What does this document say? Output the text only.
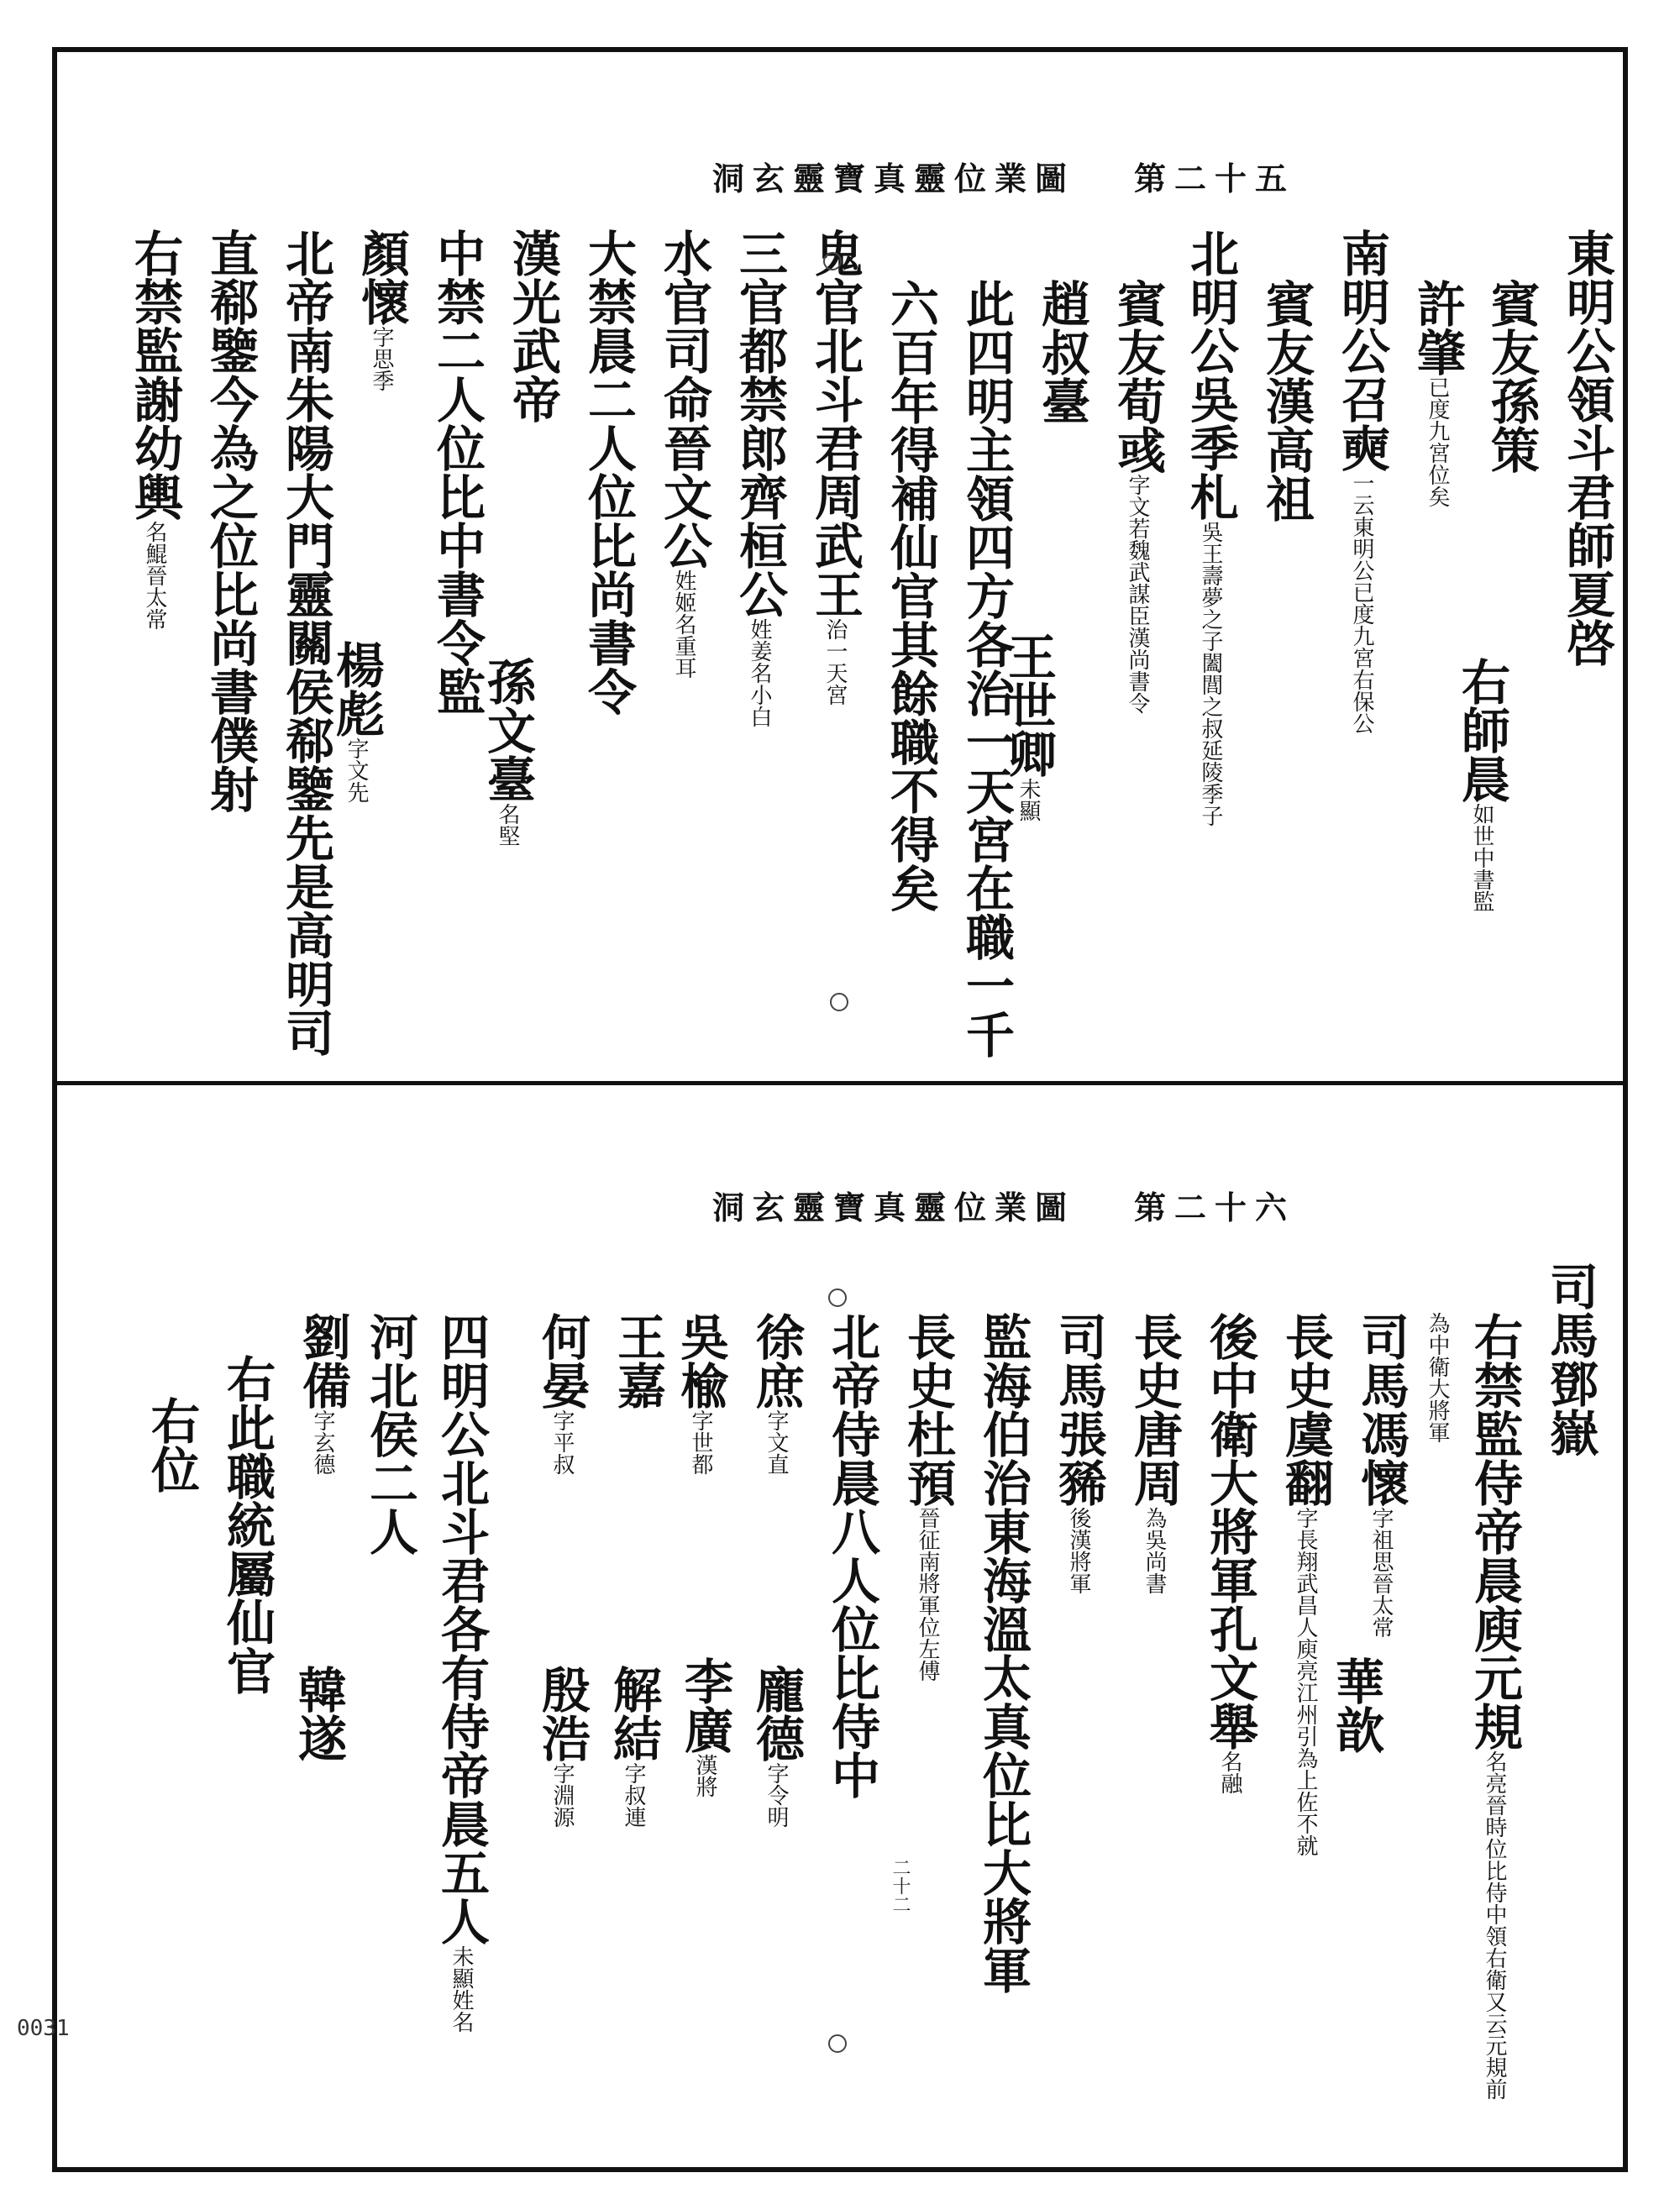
洞玄靈寶真靈位業圖 第二十五
東明公領斗君師夏啓
賓友孫策
許肇已度九宮位矣
南明公召奭一云東明公已度九宮右保公
賓友漢高祖
北明公吳季札吳王壽夢之子闔閭之叔延陵季子
賓友荀彧字文若魏武謀臣漢尚書令
趙叔臺
此四明主領四方各治一天宮在職一千
六百年得補仙官其餘職不得矣
鬼官北斗君周武王治一天宮
三官都禁郎齊桓公姓姜名小白
水官司命晉文公姓姬名重耳
大禁晨二人位比尚書令
漢光武帝
中禁二人位比中書令監
顏懷字思季
北帝南朱陽大門靈關侯郗鑒先是高明司
直郗鑒今為之位比尚書僕射
右禁監謝幼輿名鯤晉太常
右師晨如世中書監
王世卿未顯
孫文臺名堅
楊彪字文先
洞玄靈寶真靈位業圖 第二十六
司馬鄧嶽
右禁監侍帝晨庾元規名亮晉時位比侍中領右衛又云元規前
為中衛大將軍
司馬馮懷字祖思晉太常
長史虞翻字長翔武昌人庾亮江州引為上佐不就
後中衛大將軍孔文舉名融
長史唐周為吳尚書
司馬張豨後漢將軍
監海伯治東海溫太真位比大將軍
長史杜預晉征南將軍位左傅
北帝侍晨八人位比侍中
徐庶字文直
吳楡字世都
王嘉
何晏字平叔
四明公北斗君各有侍帝晨五人未顯姓名
河北侯二人
劉備字玄德
右此職統屬仙官
右位
華歆
龐德字令明
李廣漢將
解結字叔連
殷浩字淵源
韓遂
二十二
0031
